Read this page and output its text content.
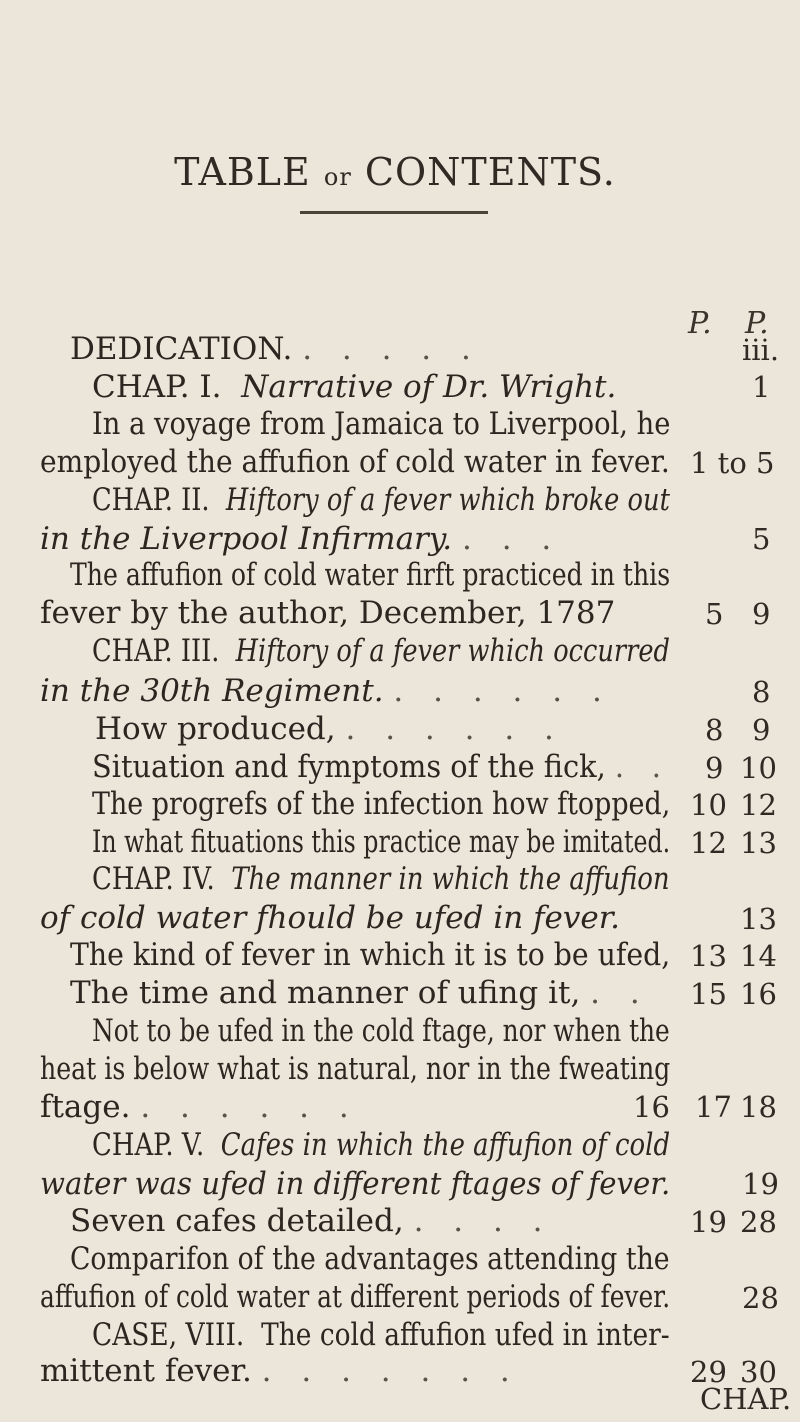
TABLE or CONTENTS.
P. P.
DEDICATION. . . . . .	iii.
CHAP. I. Narrative of Dr. Wright.	1
In a voyage from Jamaica to Liverpool, he
employed the affufion of cold water in fever. 1 to 5
CHAP. II. Hiftory of a fever which broke out
in the Liverpool Infirmary. . . .	5
The affufion of cold water firft practiced in this
fever by the author, December, 1787	5 9
CHAP. III. Hiftory of a fever which occurred
in the 30th Regiment. . . . . . .	8
How produced, . . . . . .	8 9
Situation and fymptoms of the fick, . . 9 10
The progrefs of the infection how ftopped, 10 12
In what fituations this practice may be imitated. 12 13
CHAP. IV. The manner in which the affufion
of cold water fhould be ufed in fever.	13
The kind of fever in which it is to be ufed, 13 14
The time and manner of ufing it, . . 15 16
Not to be ufed in the cold ftage, nor when the
heat is below what is natural, nor in the fweating
ftage. . . . . . .	16 17 18
CHAP. V. Cafes in which the affufion of cold
water was ufed in different ftages of fever. 19
Seven cafes detailed, . . . .	19 28
Comparifon of the advantages attending the
affufion of cold water at different periods of fever. 28
CASE, VIII. The cold affufion ufed in inter-
mittent fever. . . . . . . .	29 30
CHAP.
